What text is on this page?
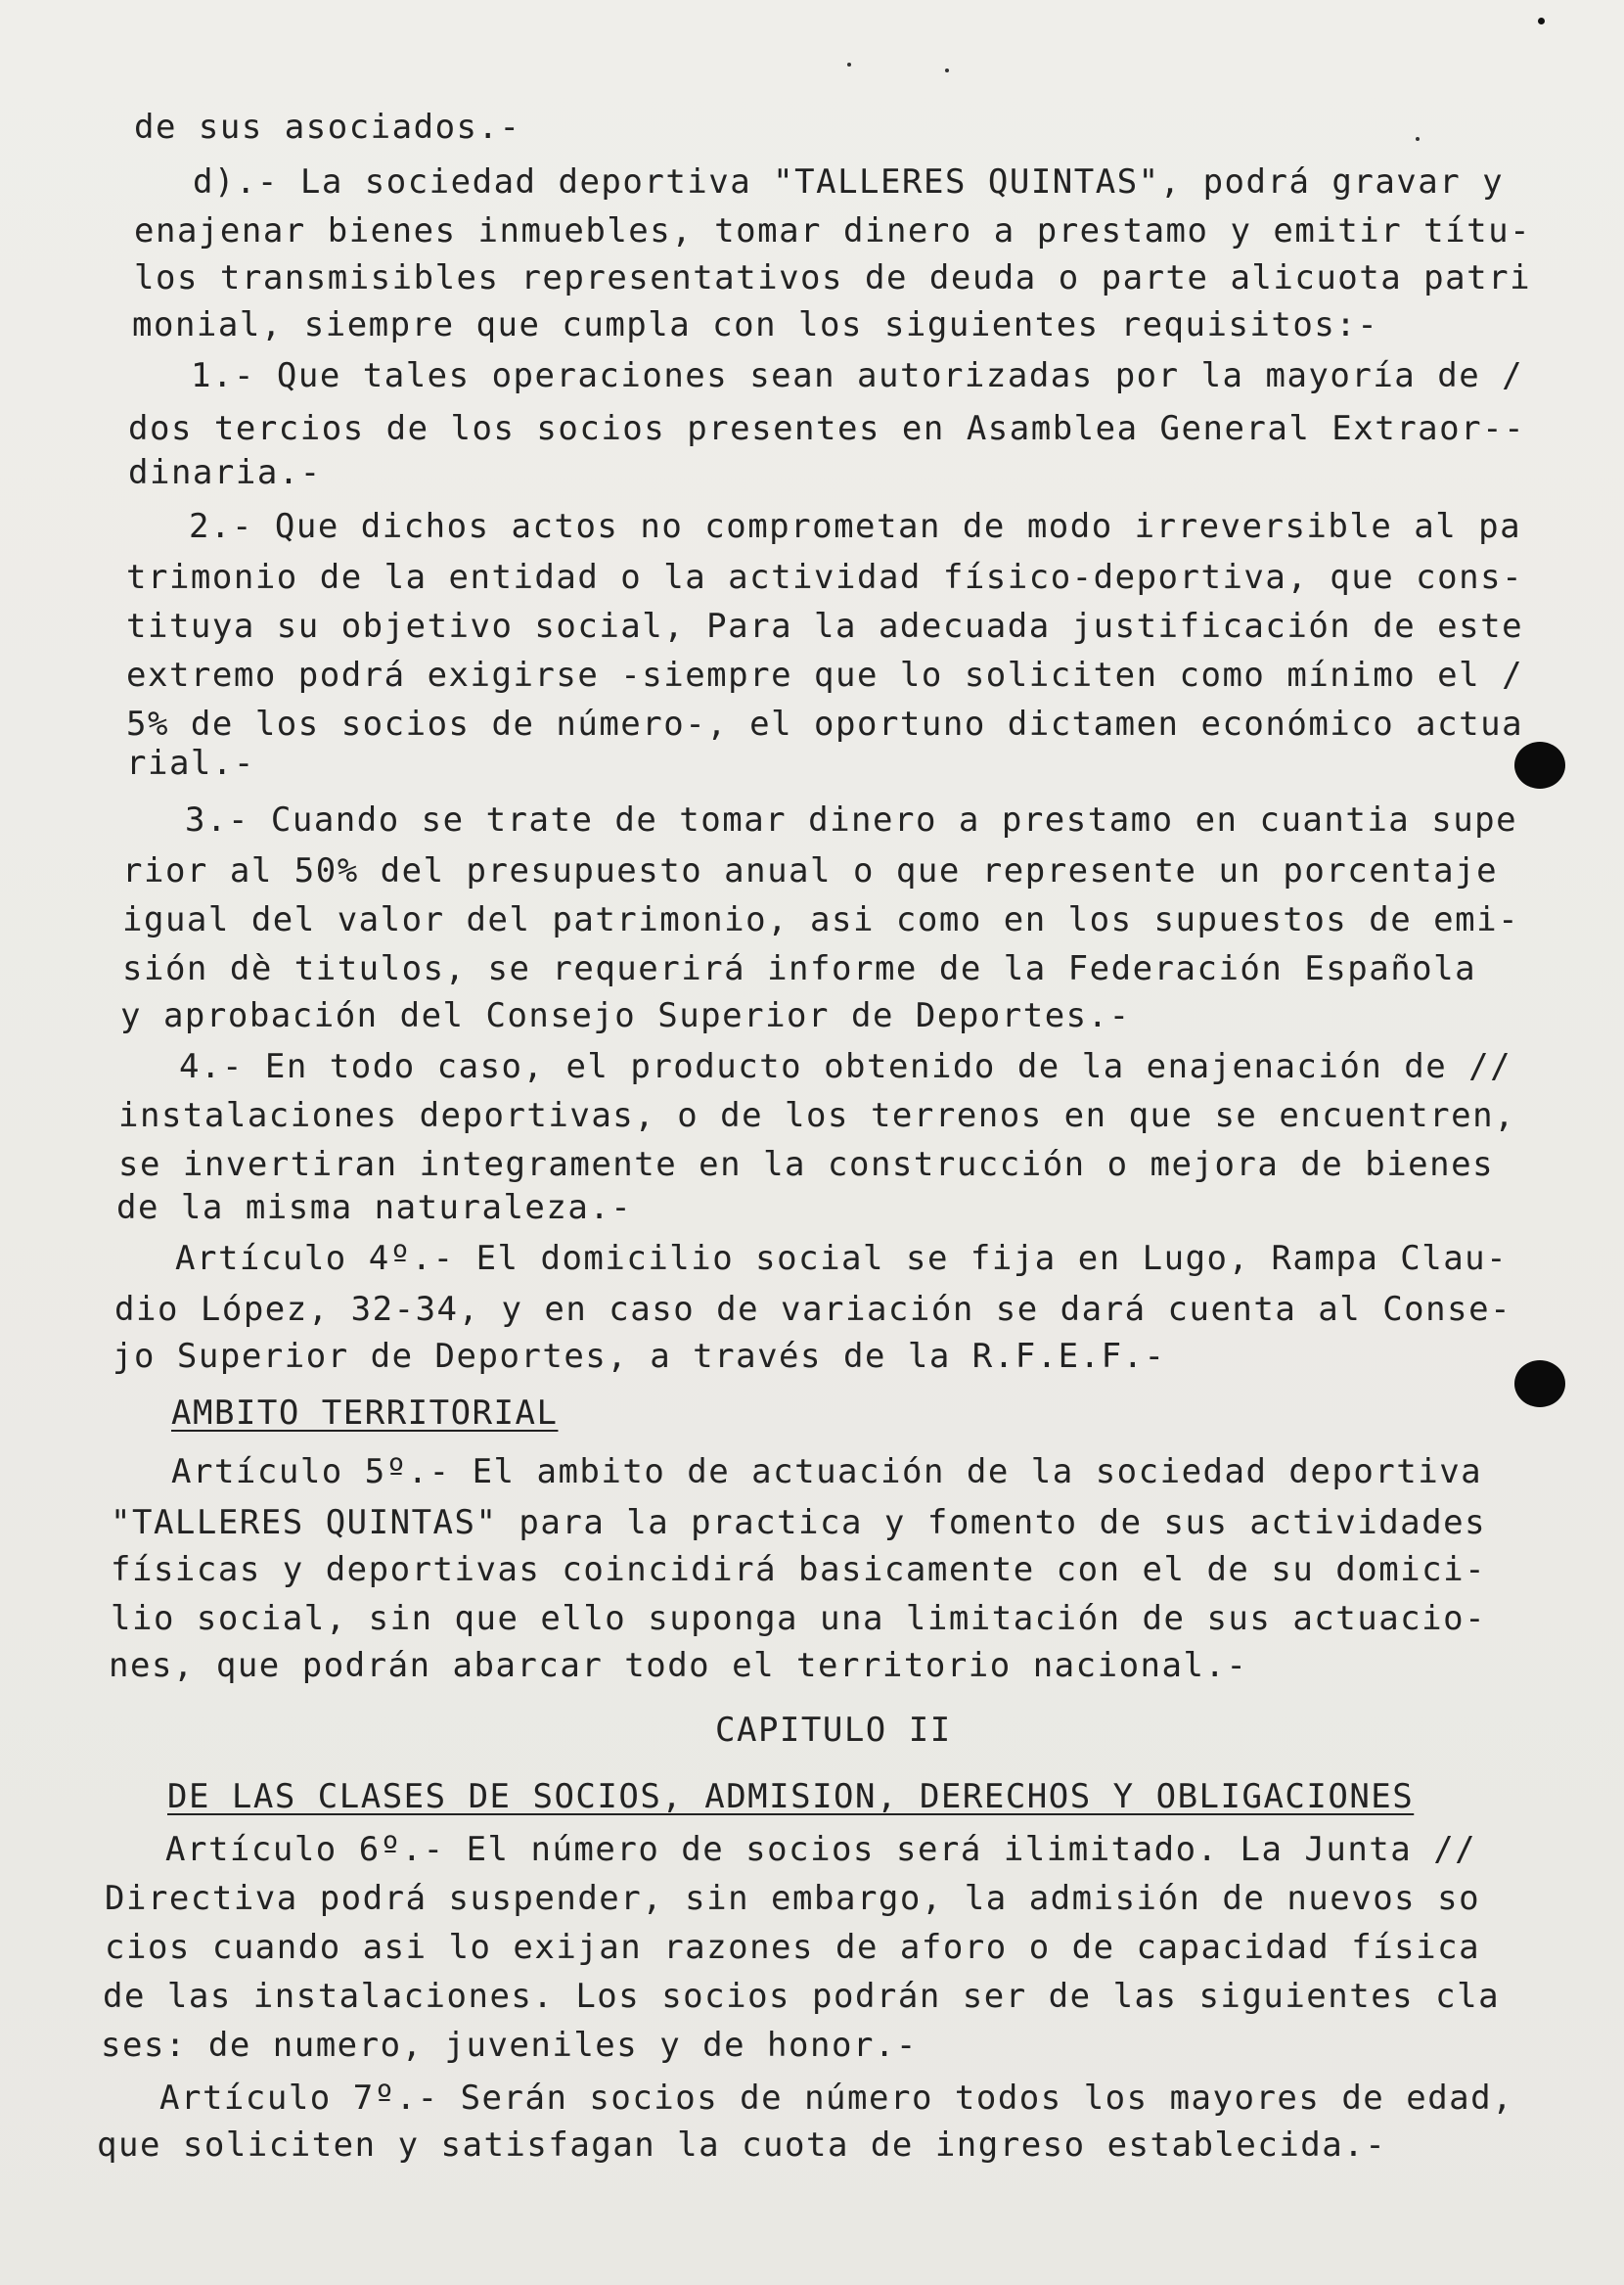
de sus asociados.-
d).- La sociedad deportiva "TALLERES QUINTAS", podrá gravar y
enajenar bienes inmuebles, tomar dinero a prestamo y emitir títu-
los transmisibles representativos de deuda o parte alicuota patri
monial, siempre que cumpla con los siguientes requisitos:-
1.- Que tales operaciones sean autorizadas por la mayoría de /
dos tercios de los socios presentes en Asamblea General Extraor--
dinaria.-
2.- Que dichos actos no comprometan de modo irreversible al pa
trimonio de la entidad o la actividad físico-deportiva, que cons-
tituya su objetivo social, Para la adecuada justificación de este
extremo podrá exigirse -siempre que lo soliciten como mínimo el /
5% de los socios de número-, el oportuno dictamen económico actua
rial.-
3.- Cuando se trate de tomar dinero a prestamo en cuantia supe
rior al 50% del presupuesto anual o que represente un porcentaje
igual del valor del patrimonio, asi como en los supuestos de emi-
sión dè titulos, se requerirá informe de la Federación Española
y aprobación del Consejo Superior de Deportes.-
4.- En todo caso, el producto obtenido de la enajenación de //
instalaciones deportivas, o de los terrenos en que se encuentren,
se invertiran integramente en la construcción o mejora de bienes
de la misma naturaleza.-
Artículo 4º.- El domicilio social se fija en Lugo, Rampa Clau-
dio López, 32-34, y en caso de variación se dará cuenta al Conse-
jo Superior de Deportes, a través de la R.F.E.F.-
AMBITO TERRITORIAL
Artículo 5º.- El ambito de actuación de la sociedad deportiva
"TALLERES QUINTAS" para la practica y fomento de sus actividades
físicas y deportivas coincidirá basicamente con el de su domici-
lio social, sin que ello suponga una limitación de sus actuacio-
nes, que podrán abarcar todo el territorio nacional.-
CAPITULO II
DE LAS CLASES DE SOCIOS, ADMISION, DERECHOS Y OBLIGACIONES
Artículo 6º.- El número de socios será ilimitado. La Junta //
Directiva podrá suspender, sin embargo, la admisión de nuevos so
cios cuando asi lo exijan razones de aforo o de capacidad física
de las instalaciones. Los socios podrán ser de las siguientes cla
ses: de numero, juveniles y de honor.-
Artículo 7º.- Serán socios de número todos los mayores de edad,
que soliciten y satisfagan la cuota de ingreso establecida.-
